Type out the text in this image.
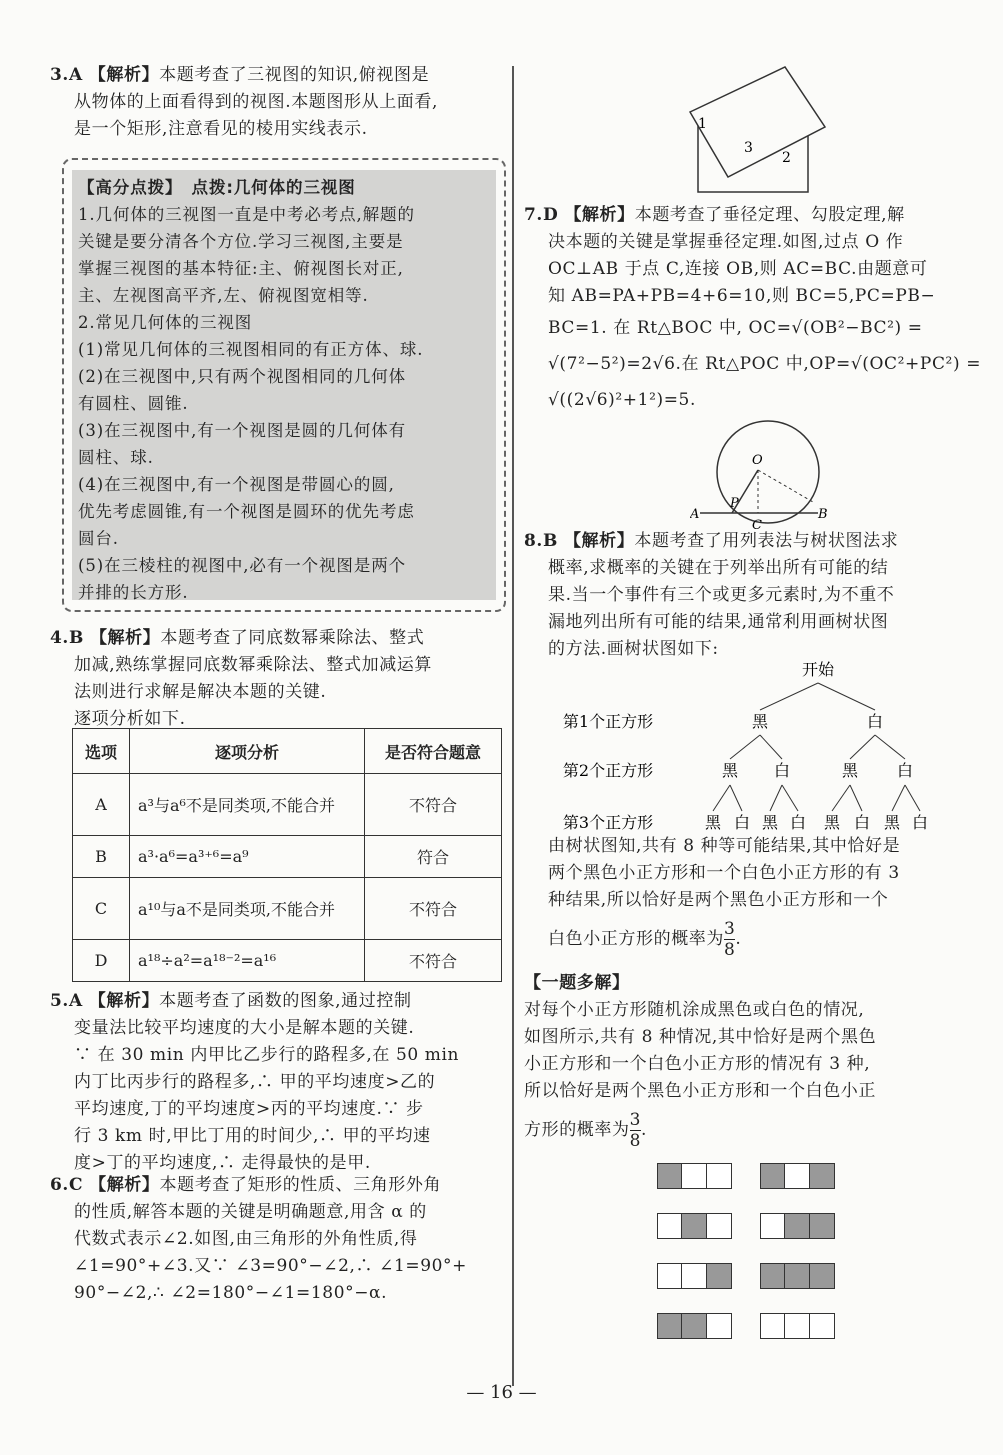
3.A 【解析】本题考查了三视图的知识,俯视图是
从物体的上面看得到的视图.本题图形从上面看,
是一个矩形,注意看见的棱用实线表示.
【高分点拨】　点拨:几何体的三视图
1.几何体的三视图一直是中考必考点,解题的
关键是要分清各个方位.学习三视图,主要是
掌握三视图的基本特征:主、俯视图长对正,
主、左视图高平齐,左、俯视图宽相等.
2.常见几何体的三视图
(1)常见几何体的三视图相同的有正方体、球.
(2)在三视图中,只有两个视图相同的几何体
有圆柱、圆锥.
(3)在三视图中,有一个视图是圆的几何体有
圆柱、球.
(4)在三视图中,有一个视图是带圆心的圆,
优先考虑圆锥,有一个视图是圆环的优先考虑
圆台.
(5)在三棱柱的视图中,必有一个视图是两个
并排的长方形.
4.B 【解析】本题考查了同底数幂乘除法、整式
加减,熟练掌握同底数幂乘除法、整式加减运算
法则进行求解是解决本题的关键.
逐项分析如下.
选项	逐项分析	是否符合题意
A	a³与a⁶不是同类项,不能合并	不符合
B	a³·a⁶=a³⁺⁶=a⁹	符合
C	a¹⁰与a不是同类项,不能合并	不符合
D	a¹⁸÷a²=a¹⁸⁻²=a¹⁶	不符合
5.A 【解析】本题考查了函数的图象,通过控制
变量法比较平均速度的大小是解本题的关键.
∵ 在 30 min 内甲比乙步行的路程多,在 50 min
内丁比丙步行的路程多,∴ 甲的平均速度>乙的
平均速度,丁的平均速度>丙的平均速度.∵ 步
行 3 km 时,甲比丁用的时间少,∴ 甲的平均速
度>丁的平均速度,∴ 走得最快的是甲.
6.C 【解析】本题考查了矩形的性质、三角形外角
的性质,解答本题的关键是明确题意,用含 α 的
代数式表示∠2.如图,由三角形的外角性质,得
∠1=90°+∠3.又∵ ∠3=90°−∠2,∴ ∠1=90°+
90°−∠2,∴ ∠2=180°−∠1=180°−α.
1
2
3
7.D 【解析】本题考查了垂径定理、勾股定理,解
决本题的关键是掌握垂径定理.如图,过点 O 作
OC⊥AB 于点 C,连接 OB,则 AC=BC.由题意可
知 AB=PA+PB=4+6=10,则 BC=5,PC=PB−
BC=1. 在 Rt△BOC 中, OC=√(OB²−BC²) =
√(7²−5²)=2√6.在 Rt△POC 中,OP=√(OC²+PC²) =
√((2√6)²+1²)=5.
O
P
A
C
B
8.B 【解析】本题考查了用列表法与树状图法求
概率,求概率的关键在于列举出所有可能的结
果.当一个事件有三个或更多元素时,为不重不
漏地列出所有可能的结果,通常利用画树状图
的方法.画树状图如下:
开始
第1个正方形
第2个正方形
第3个正方形
黑	白
黑 白	黑 白
黑 白 黑 白 黑 白 黑 白
由树状图知,共有 8 种等可能结果,其中恰好是
两个黑色小正方形和一个白色小正方形的有 3
种结果,所以恰好是两个黑色小正方形和一个
白色小正方形的概率为 $\frac{3}{8}$ .
【一题多解】
对每个小正方形随机涂成黑色或白色的情况,
如图所示,共有 8 种情况,其中恰好是两个黑色
小正方形和一个白色小正方形的情况有 3 种,
所以恰好是两个黑色小正方形和一个白色小正
方形的概率为 $\frac{3}{8}$ .
— 16 —
